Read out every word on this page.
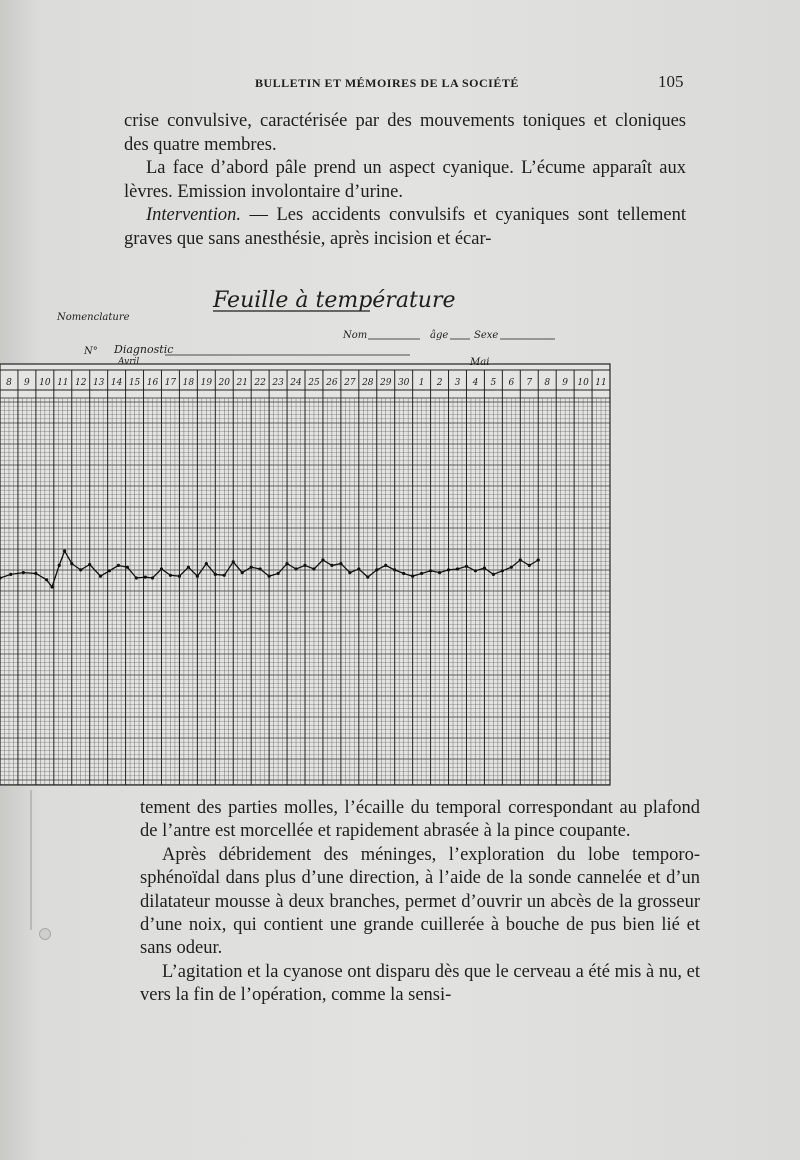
BULLETIN ET MÉMOIRES DE LA SOCIÉTÉ	105

crise convulsive, caractérisée par des mouvements toniques et cloniques des quatre membres.

La face d’abord pâle prend un aspect cyanique. L’écume apparaît aux lèvres. Emission involontaire d’urine.

Intervention. — Les accidents convulsifs et cyaniques sont tellement graves que sans anesthésie, après incision et écar-

Feuille à température
Nomenclature
Nom	âge	Sexe
N° Diagnostic
Avril	Mai
8 9 10 11 12 13 14 15 16 17 18 19 20 21 22 23 24 25 26 27 28 29 30 1 2 3 4 5 6 7 8 9 10 11

tement des parties molles, l’écaille du temporal correspondant au plafond de l’antre est morcellée et rapidement abrasée à la pince coupante.

Après débridement des méninges, l’exploration du lobe temporo-sphénoïdal dans plus d’une direction, à l’aide de la sonde cannelée et d’un dilatateur mousse à deux branches, permet d’ouvrir un abcès de la grosseur d’une noix, qui contient une grande cuillerée à bouche de pus bien lié et sans odeur.

L’agitation et la cyanose ont disparu dès que le cerveau a été mis à nu, et vers la fin de l’opération, comme la sensi-
